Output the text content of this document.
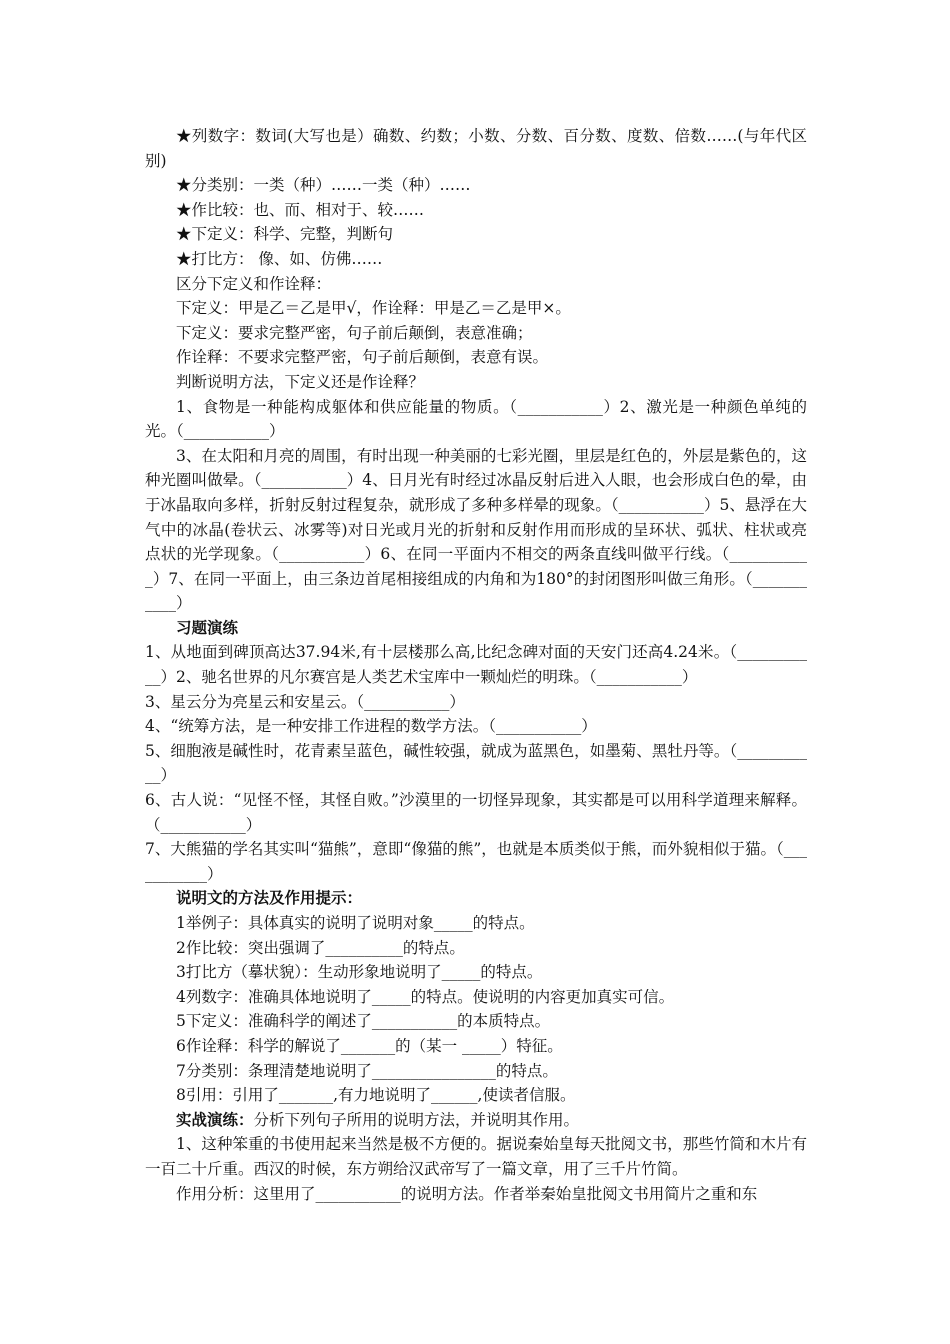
★列数字：数词(大写也是）确数、约数；小数、分数、百分数、度数、倍数……(与年代区别)

★分类别：一类（种）……一类（种）……

★作比较：也、而、相对于、较……

★下定义：科学、完整，判断句

★打比方： 像、如、仿佛……

区分下定义和作诠释：

下定义：甲是乙＝乙是甲√，作诠释：甲是乙＝乙是甲×。

下定义：要求完整严密，句子前后颠倒，表意准确；

作诠释：不要求完整严密，句子前后颠倒，表意有误。

判断说明方法，下定义还是作诠释？

1、食物是一种能构成躯体和供应能量的物质。（___________）2、激光是一种颜色单纯的光。（___________）

3、在太阳和月亮的周围，有时出现一种美丽的七彩光圈，里层是红色的，外层是紫色的，这种光圈叫做晕。（___________）4、日月光有时经过冰晶反射后进入人眼，也会形成白色的晕，由于冰晶取向多样，折射反射过程复杂，就形成了多种多样晕的现象。（___________）5、悬浮在大气中的冰晶(卷状云、冰雾等)对日光或月光的折射和反射作用而形成的呈环状、弧状、柱状或亮点状的光学现象。（___________）6、在同一平面内不相交的两条直线叫做平行线。（___________）7、在同一平面上，由三条边首尾相接组成的内角和为180°的封闭图形叫做三角形。（___________）

习题演练

1、从地面到碑顶高达37.94米,有十层楼那么高,比纪念碑对面的天安门还高4.24米。（___________）2、驰名世界的凡尔赛宫是人类艺术宝库中一颗灿烂的明珠。（___________）

3、星云分为亮星云和安星云。（___________）

4、“统筹方法，是一种安排工作进程的数学方法。（___________）

5、细胞液是碱性时，花青素呈蓝色，碱性较强，就成为蓝黑色，如墨菊、黑牡丹等。（___________）

6、古人说：“见怪不怪，其怪自败。”沙漠里的一切怪异现象，其实都是可以用科学道理来解释。（___________）

7、大熊猫的学名其实叫“猫熊”，意即“像猫的熊”，也就是本质类似于熊，而外貌相似于猫。（___________）

说明文的方法及作用提示：

1举例子：具体真实的说明了说明对象_____的特点。

2作比较：突出强调了__________的特点。

3打比方（摹状貌）：生动形象地说明了_____的特点。

4列数字：准确具体地说明了_____的特点。使说明的内容更加真实可信。

5下定义：准确科学的阐述了___________的本质特点。

6作诠释：科学的解说了_______的（某一 _____）特征。

7分类别：条理清楚地说明了________________的特点。

8引用：引用了_______,有力地说明了______,使读者信服。

实战演练：分析下列句子所用的说明方法，并说明其作用。

1、这种笨重的书使用起来当然是极不方便的。据说秦始皇每天批阅文书，那些竹简和木片有一百二十斤重。西汉的时候，东方朔给汉武帝写了一篇文章，用了三千片竹简。

作用分析：这里用了___________的说明方法。作者举秦始皇批阅文书用简片之重和东
